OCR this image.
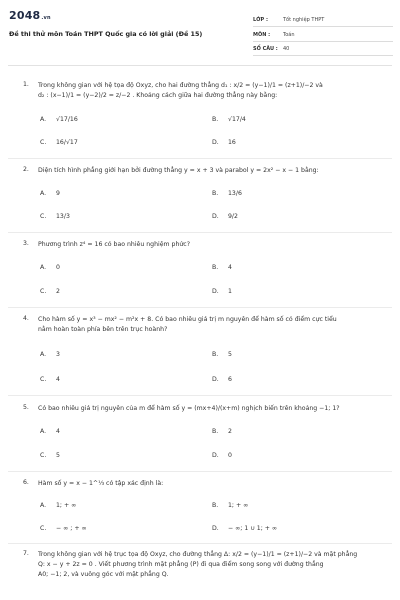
2048.vn
Đề thi thử môn Toán THPT Quốc gia có lời giải (Đề 15)
LỚP :	Tốt nghiệp THPT
MÔN :	Toán
SỐ CÂU : 40
1. Trong không gian với hệ tọa độ Oxyz, cho hai đường thẳng d₁ : x/2 = (y−1)/1 = (z+1)/−2 và
d₂ : (x−1)/1 = (y−2)/2 = z/−2 . Khoảng cách giữa hai đường thẳng này bằng:
A. √17/16	B. √17/4
C. 16/√17	D. 16
2. Diện tích hình phẳng giới hạn bởi đường thẳng y = x + 3 và parabol y = 2x² − x − 1 bằng:
A. 9	B. 13/6
C. 13/3	D. 9/2
3. Phương trình z⁴ = 16 có bao nhiêu nghiệm phức?
A. 0	B. 4
C. 2	D. 1
4. Cho hàm số y = x³ − mx² − m²x + 8. Có bao nhiêu giá trị m nguyên để hàm số có điểm cực tiểu
nằm hoàn toàn phía bên trên trục hoành?
A. 3	B. 5
C. 4	D. 6
5. Có bao nhiêu giá trị nguyên của m để hàm số y = (mx+4)/(x+m) nghịch biến trên khoảng −1; 1?
A. 4	B. 2
C. 5	D. 0
6. Hàm số y = x − 1^⅓ có tập xác định là:
A. 1; + ∞	B. 1; + ∞
C. − ∞ ; + ∞	D. − ∞; 1 ∪ 1; + ∞
7. Trong không gian với hệ trục tọa độ Oxyz, cho đường thẳng Δ: x/2 = (y−1)/1 = (z+1)/−2 và mặt phẳng
Q: x − y + 2z = 0 . Viết phương trình mặt phẳng (P) đi qua điểm song song với đường thẳng
A0; −1; 2, và vuông góc với mặt phẳng Q.
